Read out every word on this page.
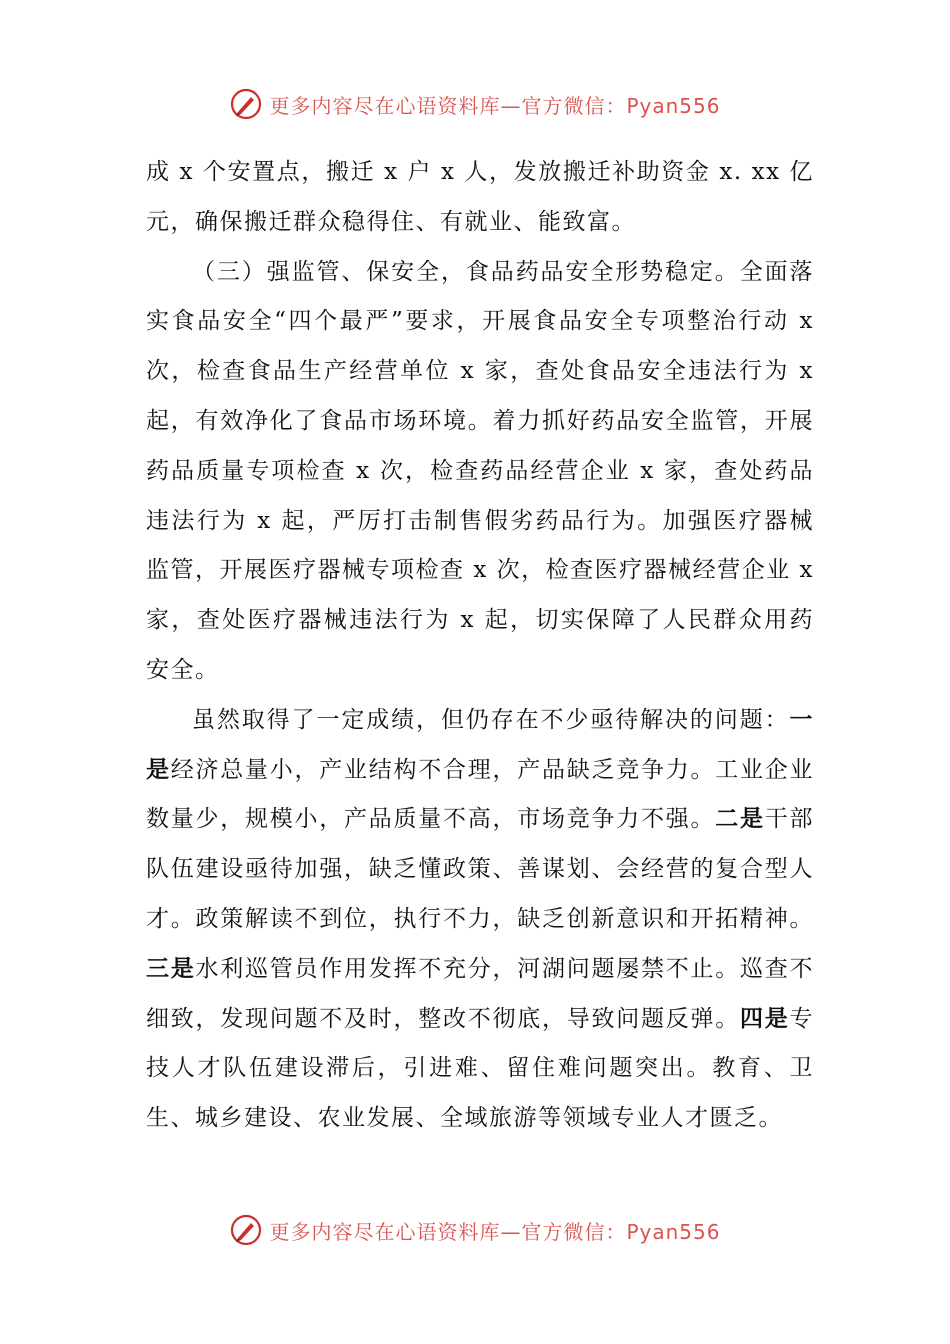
更多内容尽在心语资料库—官方微信：Pyan556

成 x 个安置点，搬迁 x 户 x 人，发放搬迁补助资金 x. xx 亿元，确保搬迁群众稳得住、有就业、能致富。

（三）强监管、保安全，食品药品安全形势稳定。全面落实食品安全“四个最严”要求，开展食品安全专项整治行动 x 次，检查食品生产经营单位 x 家，查处食品安全违法行为 x 起，有效净化了食品市场环境。着力抓好药品安全监管，开展药品质量专项检查 x 次，检查药品经营企业 x 家，查处药品违法行为 x 起，严厉打击制售假劣药品行为。加强医疗器械监管，开展医疗器械专项检查 x 次，检查医疗器械经营企业 x 家，查处医疗器械违法行为 x 起，切实保障了人民群众用药安全。

虽然取得了一定成绩，但仍存在不少亟待解决的问题：一是经济总量小，产业结构不合理，产品缺乏竞争力。工业企业数量少，规模小，产品质量不高，市场竞争力不强。二是干部队伍建设亟待加强，缺乏懂政策、善谋划、会经营的复合型人才。政策解读不到位，执行不力，缺乏创新意识和开拓精神。三是水利巡管员作用发挥不充分，河湖问题屡禁不止。巡查不细致，发现问题不及时，整改不彻底，导致问题反弹。四是专技人才队伍建设滞后，引进难、留住难问题突出。教育、卫生、城乡建设、农业发展、全域旅游等领域专业人才匮乏。

更多内容尽在心语资料库—官方微信：Pyan556
